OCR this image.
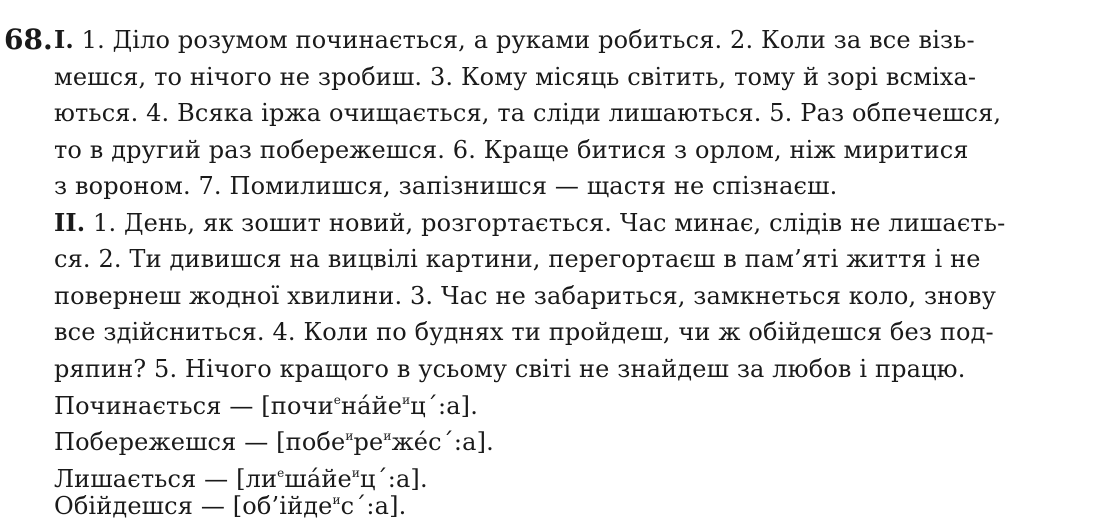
68. I. 1. Діло розумом починається, а руками робиться. 2. Коли за все візь-
мешся, то нічого не зробиш. 3. Кому місяць світить, тому й зорі всміха-
ються. 4. Всяка іржа очищається, та сліди лишаються. 5. Раз обпечешся,
то в другий раз побережешся. 6. Краще битися з орлом, ніж миритися
з вороном. 7. Помилишся, запізнишся — щастя не спізнаєш.
II. 1. День, як зошит новий, розгортається. Час минає, слідів не лишаєть-
ся. 2. Ти дивишся на вицвілі картини, перегортаєш в пам’яті життя і не
повернеш жодної хвилини. 3. Час не забариться, замкнеться коло, знову
все здійсниться. 4. Коли по буднях ти пройдеш, чи ж обійдешся без под-
ряпин? 5. Нічого кращого в усьому світі не знайдеш за любов і працю.
Починається — $[почи^ена́йе^иц´:а]$.
Побережешся — $[побе^ире^иже́с´:а]$.
Лишається — $[ли^еша́йе^иц´:а]$.
Обійдешся — [об’ійде$^и$с´:а].
